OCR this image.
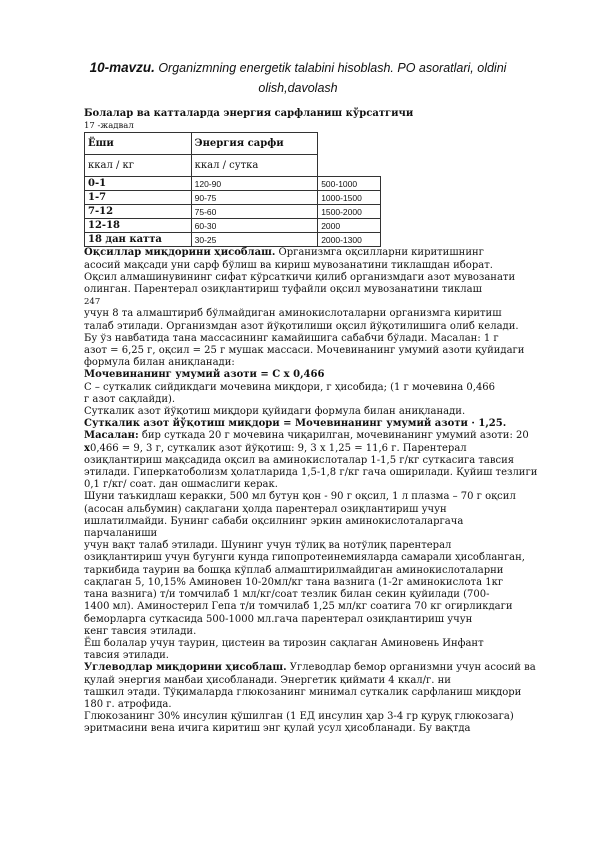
10-mavzu. Organizmning energetik talabini hisoblash. PO asoratlari, oldini
olish,davolash

Болалар ва катталарда энергия сарфланиш кўрсатгичи

17 -жадвал

Ёши	Энергия сарфи	
ккал / кг	ккал / сутка	
0-1	120-90	500-1000
1-7	90-75	1000-1500
7-12	75-60	1500-2000
12-18	60-30	2000
18 дан катта	30-25	2000-1300

Оқсиллар миқдорини ҳисоблаш. Организмга оқсилларни киритишнинг

асосий мақсади уни сарф бўлиш ва кириш мувозанатини тиклашдан иборат.

Оқсил алмашинувининг сифат кўрсаткичи қилиб организмдаги азот мувозанати

олинган. Парентерал озиқлантириш туфайли оқсил мувозанатини тиклаш

247

учун 8 та алмаштириб бўлмайдиган аминокислоталарни организмга киритиш

талаб этилади. Организмдан азот йўқотилиши оқсил йўқотилишига олиб келади.

Бу ўз навбатида тана массасининг камайишига сабабчи бўлади. Масалан: 1 г

азот = 6,25 г, оқсил = 25 г мушак массаси. Мочевинанинг умумий азоти қуйидаги

формула билан аниқланади:

Мочевинанинг умумий азоти = С х 0,466

С – суткалик сийдикдаги мочевина миқдори, г ҳисобида; (1 г мочевина 0,466

г азот сақлайди).

Суткалик азот йўқотиш миқдори қуйидаги формула билан аниқланади.

Суткалик азот йўқотиш миқдори = Мочевинанинг умумий азоти · 1,25.

Масалан: бир суткада 20 г мочевина чиқарилган, мочевинанинг умумий азоти: 20

х0,466 = 9, 3 г, суткалик азот йўқотиш: 9, 3 х 1,25 = 11,6 г. Парентерал

озиқлантириш мақсадида оқсил ва аминокислоталар 1-1,5 г/кг суткасига тавсия

этилади. Гиперкатоболизм ҳолатларида 1,5-1,8 г/кг гача оширилади. Қуйиш тезлиги

0,1 г/кг/ соат. дан ошмаслиги керак.

Шуни таъкидлаш керакки, 500 мл бутун қон - 90 г оқсил, 1 л плазма – 70 г оқсил

(асосан альбумин) сақлагани ҳолда парентерал озиқлантириш учун

ишлатилмайди. Бунинг сабаби оқсилнинг эркин аминокислоталаргача

парчаланиши

учун вақт талаб этилади. Шунинг учун тўлиқ ва нотўлиқ парентерал

озиқлантириш учун бугунги кунда гипопротеинемияларда самарали ҳисобланган,

таркибида таурин ва бошқа кўплаб алмаштирилмайдиган аминокислоталарни

сақлаган 5, 10,15% Аминовен 10-20мл/кг тана вазнига (1-2г аминокислота 1кг

тана вазнига) т/и томчилаб 1 мл/кг/соат тезлик билан секин қуйилади (700-

1400 мл). Аминостерил Гепа т/и томчилаб 1,25 мл/кг соатига 70 кг огирликдаги

беморларга суткасида 500-1000 мл.гача парентерал озиқлантириш учун

кенг тавсия этилади.

Ёш болалар учун таурин, цистеин ва тирозин сақлаган Аминовень Инфант

тавсия этилади.

Углеводлар миқдорини ҳисоблаш. Углеводлар бемор организмни учун асосий ва

қулай энергия манбаи ҳисобланади. Энергетик қиймати 4 ккал/г. ни

ташкил этади. Тўқималарда глюкозанинг минимал суткалик сарфланиш миқдори

180 г. атрофида.

Глюкозанинг 30% инсулин қўшилган (1 ЕД инсулин ҳар 3-4 гр қуруқ глюкозага)

эритмасини вена ичига киритиш энг қулай усул ҳисобланади. Бу вақтда
